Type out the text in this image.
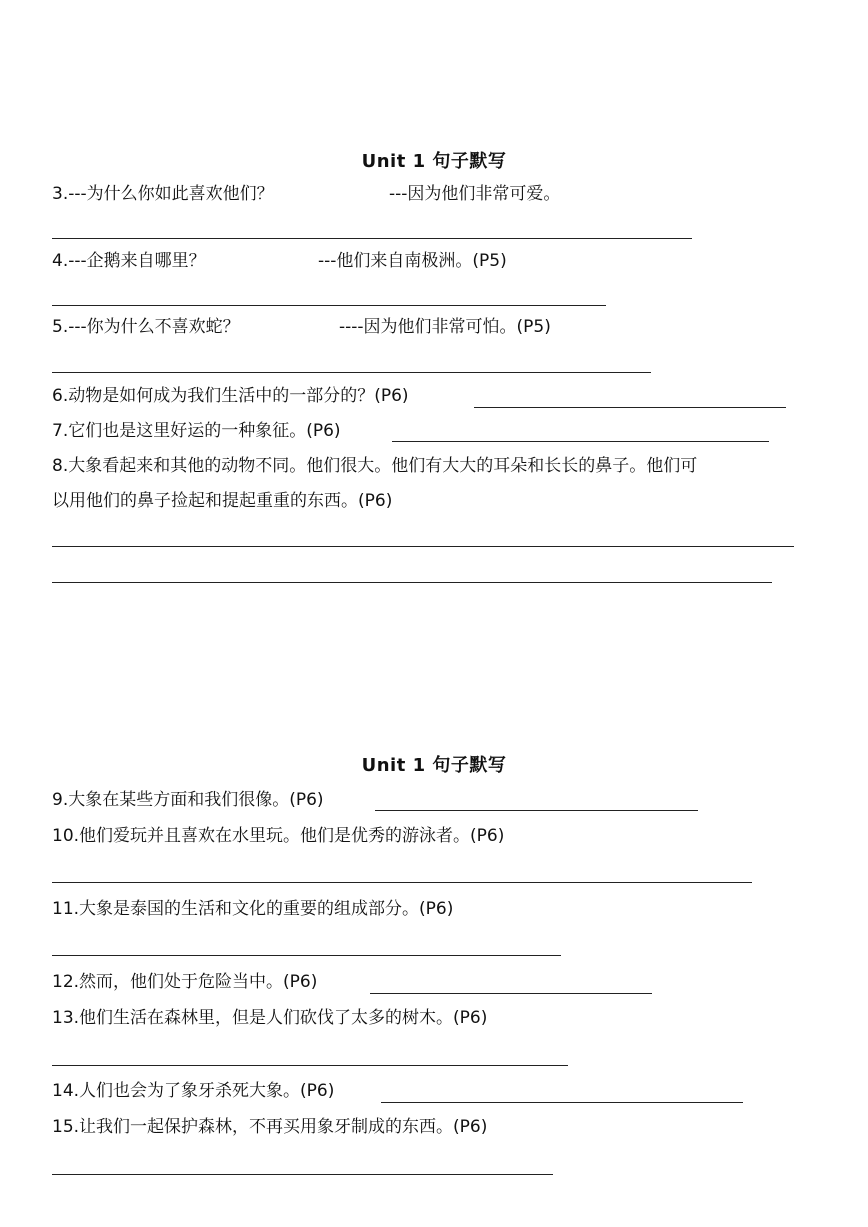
Unit 1 句子默写
3.---为什么你如此喜欢他们？	---因为他们非常可爱。
4.---企鹅来自哪里？	---他们来自南极洲。(P5)
5.---你为什么不喜欢蛇？	----因为他们非常可怕。(P5)
6.动物是如何成为我们生活中的一部分的？(P6)
7.它们也是这里好运的一种象征。(P6)
8.大象看起来和其他的动物不同。他们很大。他们有大大的耳朵和长长的鼻子。他们可
以用他们的鼻子捡起和提起重重的东西。(P6)
Unit 1 句子默写
9.大象在某些方面和我们很像。(P6)
10.他们爱玩并且喜欢在水里玩。他们是优秀的游泳者。(P6)
11.大象是泰国的生活和文化的重要的组成部分。(P6)
12.然而，他们处于危险当中。(P6)
13.他们生活在森林里，但是人们砍伐了太多的树木。(P6)
14.人们也会为了象牙杀死大象。(P6)
15.让我们一起保护森林，不再买用象牙制成的东西。(P6)
